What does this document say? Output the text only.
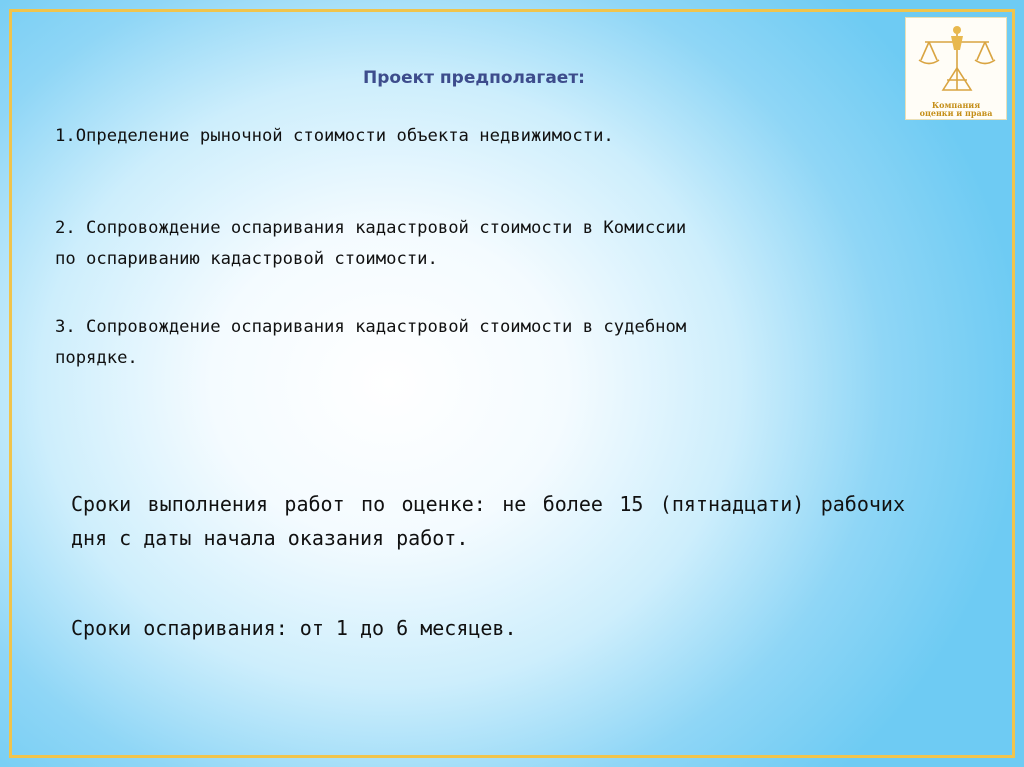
Компания
оценки и права
Проект предполагает:
1.Определение рыночной стоимости объекта недвижимости.
2. Сопровождение оспаривания кадастровой стоимости в Комиссии
по оспариванию кадастровой стоимости.
3. Сопровождение оспаривания кадастровой стоимости в судебном
порядке.
Сроки выполнения работ по оценке: не более 15 (пятнадцати) рабочих дня с даты начала оказания работ.
Сроки оспаривания: от 1 до 6 месяцев.
